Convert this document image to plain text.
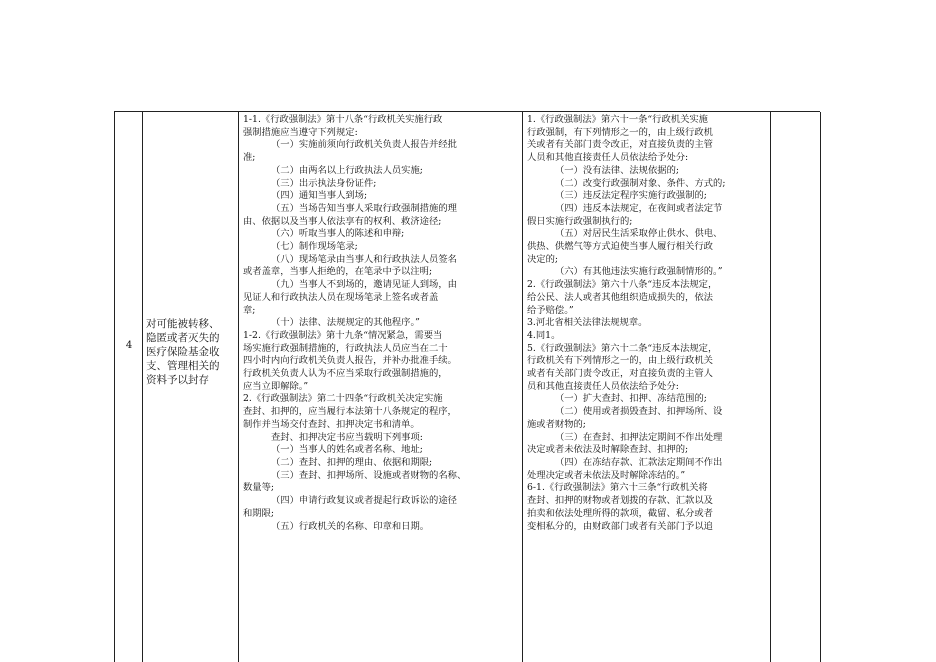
4
对可能被转移、
隐匿或者灭失的
医疗保险基金收
支、管理相关的
资料予以封存
1-1.《行政强制法》第十八条“行政机关实施行政
强制措施应当遵守下列规定:
（一）实施前须向行政机关负责人报告并经批
准;
（二）由两名以上行政执法人员实施;
（三）出示执法身份证件;
（四）通知当事人到场;
（五）当场告知当事人采取行政强制措施的理
由、依据以及当事人依法享有的权利、救济途径;
（六）听取当事人的陈述和申辩;
（七）制作现场笔录;
（八）现场笔录由当事人和行政执法人员签名
或者盖章，当事人拒绝的，在笔录中予以注明;
（九）当事人不到场的，邀请见证人到场，由
见证人和行政执法人员在现场笔录上签名或者盖
章;
（十）法律、法规规定的其他程序。”
1-2.《行政强制法》第十九条“情况紧急，需要当
场实施行政强制措施的，行政执法人员应当在二十
四小时内向行政机关负责人报告，并补办批准手续。
行政机关负责人认为不应当采取行政强制措施的，
应当立即解除。”
2.《行政强制法》第二十四条“行政机关决定实施
查封、扣押的，应当履行本法第十八条规定的程序，
制作并当场交付查封、扣押决定书和清单。
查封、扣押决定书应当载明下列事项:
（一）当事人的姓名或者名称、地址;
（二）查封、扣押的理由、依据和期限;
（三）查封、扣押场所、设施或者财物的名称、
数量等;
（四）申请行政复议或者提起行政诉讼的途径
和期限;
（五）行政机关的名称、印章和日期。
1.《行政强制法》第六十一条“行政机关实施
行政强制，有下列情形之一的，由上级行政机
关或者有关部门责令改正，对直接负责的主管
人员和其他直接责任人员依法给予处分:
（一）没有法律、法规依据的;
（二）改变行政强制对象、条件、方式的;
（三）违反法定程序实施行政强制的;
（四）违反本法规定，在夜间或者法定节
假日实施行政强制执行的;
（五）对居民生活采取停止供水、供电、
供热、供燃气等方式迫使当事人履行相关行政
决定的;
（六）有其他违法实施行政强制情形的。”
2.《行政强制法》第六十八条“违反本法规定，
给公民、法人或者其他组织造成损失的，依法
给予赔偿。”
3.河北省相关法律法规规章。
4.同1。
5.《行政强制法》第六十二条“违反本法规定，
行政机关有下列情形之一的，由上级行政机关
或者有关部门责令改正，对直接负责的主管人
员和其他直接责任人员依法给予处分:
（一）扩大查封、扣押、冻结范围的;
（二）使用或者损毁查封、扣押场所、设
施或者财物的;
（三）在查封、扣押法定期间不作出处理
决定或者未依法及时解除查封、扣押的;
（四）在冻结存款、汇款法定期间不作出
处理决定或者未依法及时解除冻结的。”
6-1.《行政强制法》第六十三条“行政机关将
查封、扣押的财物或者划拨的存款、汇款以及
拍卖和依法处理所得的款项，截留、私分或者
变相私分的，由财政部门或者有关部门予以追
